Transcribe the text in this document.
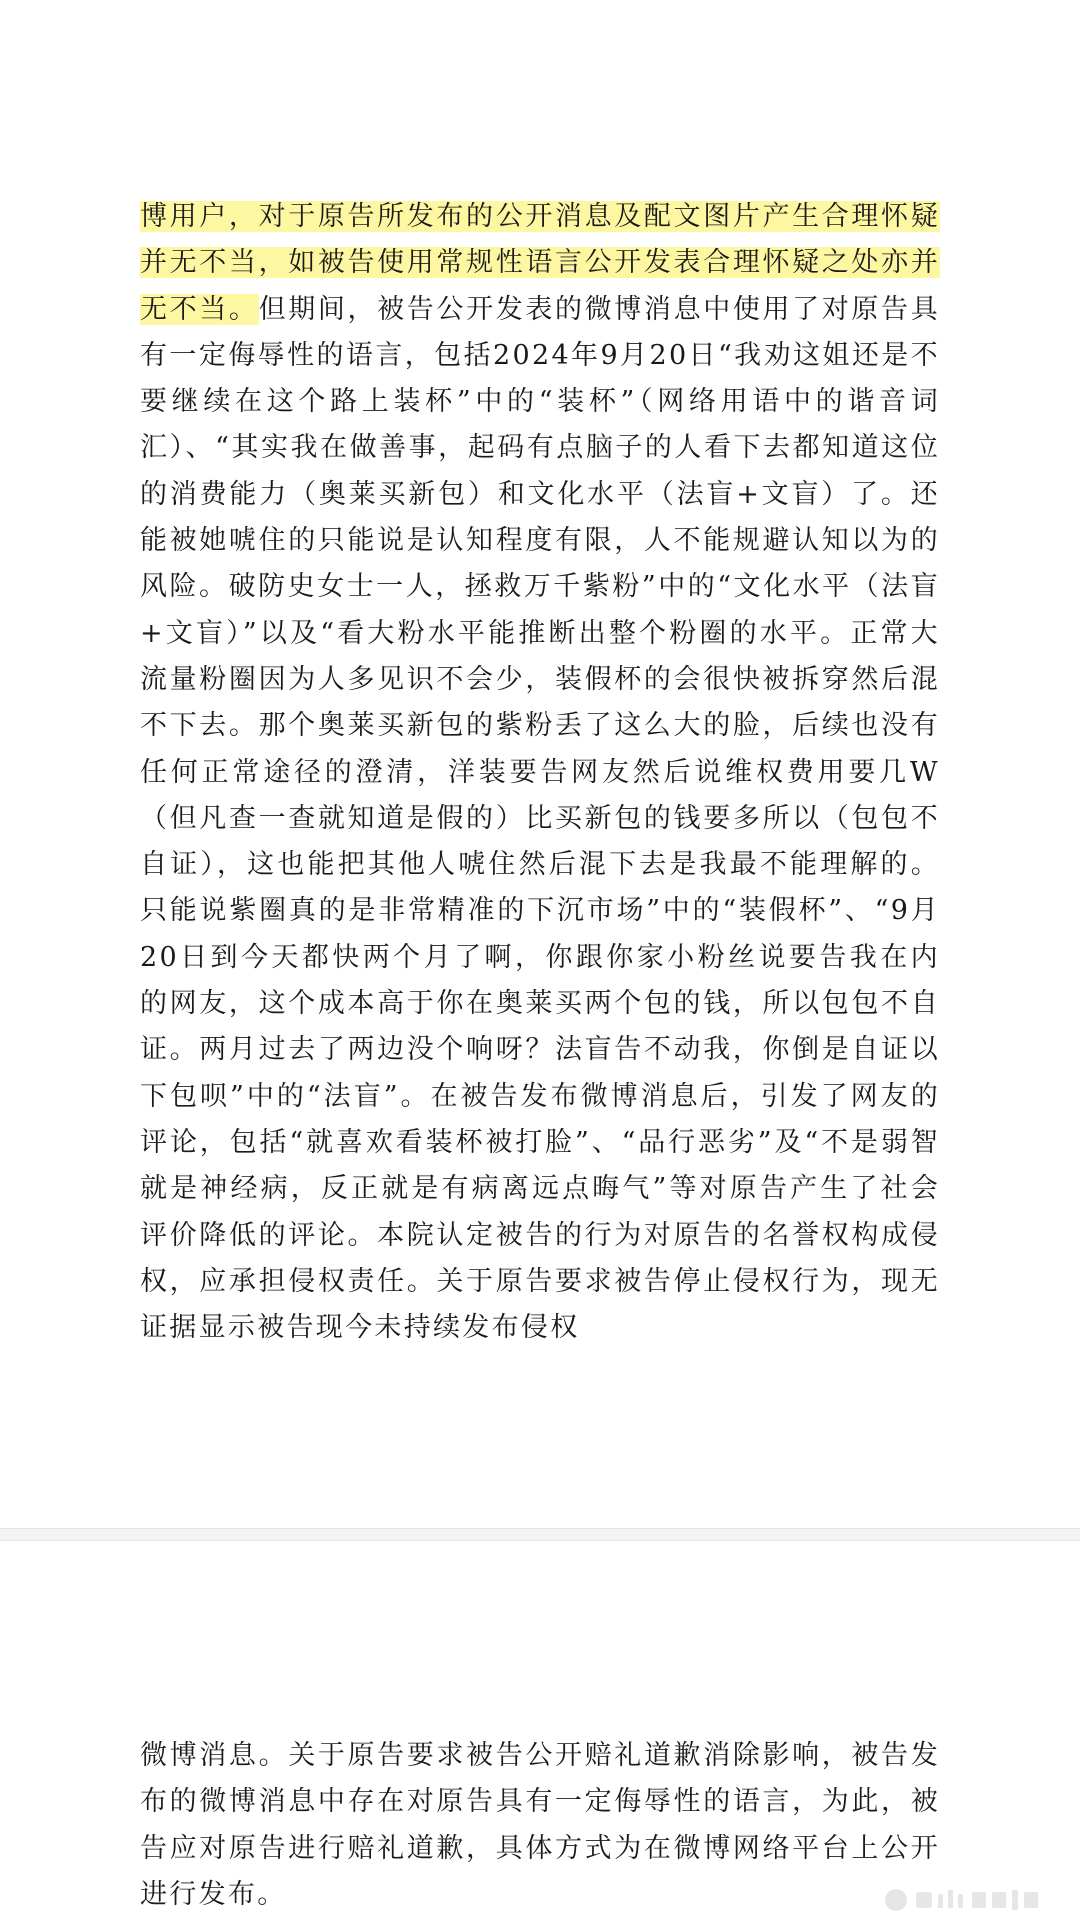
博用户，对于原告所发布的公开消息及配文图片产生合理怀疑并无不当，如被告使用常规性语言公开发表合理怀疑之处亦并无不当。但期间，被告公开发表的微博消息中使用了对原告具有一定侮辱性的语言，包括2024年9月20日“我劝这姐还是不要继续在这个路上装杯”中的“装杯”（网络用语中的谐音词汇）、“其实我在做善事，起码有点脑子的人看下去都知道这位的消费能力（奥莱买新包）和文化水平（法盲+文盲）了。还能被她唬住的只能说是认知程度有限，人不能规避认知以为的风险。破防史女士一人，拯救万千紫粉”中的“文化水平（法盲+文盲）”以及“看大粉水平能推断出整个粉圈的水平。正常大流量粉圈因为人多见识不会少，装假杯的会很快被拆穿然后混不下去。那个奥莱买新包的紫粉丢了这么大的脸，后续也没有任何正常途径的澄清，洋装要告网友然后说维权费用要几W（但凡查一查就知道是假的）比买新包的钱要多所以（包包不自证），这也能把其他人唬住然后混下去是我最不能理解的。只能说紫圈真的是非常精准的下沉市场”中的“装假杯”、“9月20日到今天都快两个月了啊，你跟你家小粉丝说要告我在内的网友，这个成本高于你在奥莱买两个包的钱，所以包包不自证。两月过去了两边没个响呀？法盲告不动我，你倒是自证以下包呗”中的“法盲”。在被告发布微博消息后，引发了网友的评论，包括“就喜欢看装杯被打脸”、“品行恶劣”及“不是弱智就是神经病，反正就是有病离远点晦气”等对原告产生了社会评价降低的评论。本院认定被告的行为对原告的名誉权构成侵权，应承担侵权责任。关于原告要求被告停止侵权行为，现无证据显示被告现今未持续发布侵权
微博消息。关于原告要求被告公开赔礼道歉消除影响，被告发布的微博消息中存在对原告具有一定侮辱性的语言，为此，被告应对原告进行赔礼道歉，具体方式为在微博网络平台上公开进行发布。
